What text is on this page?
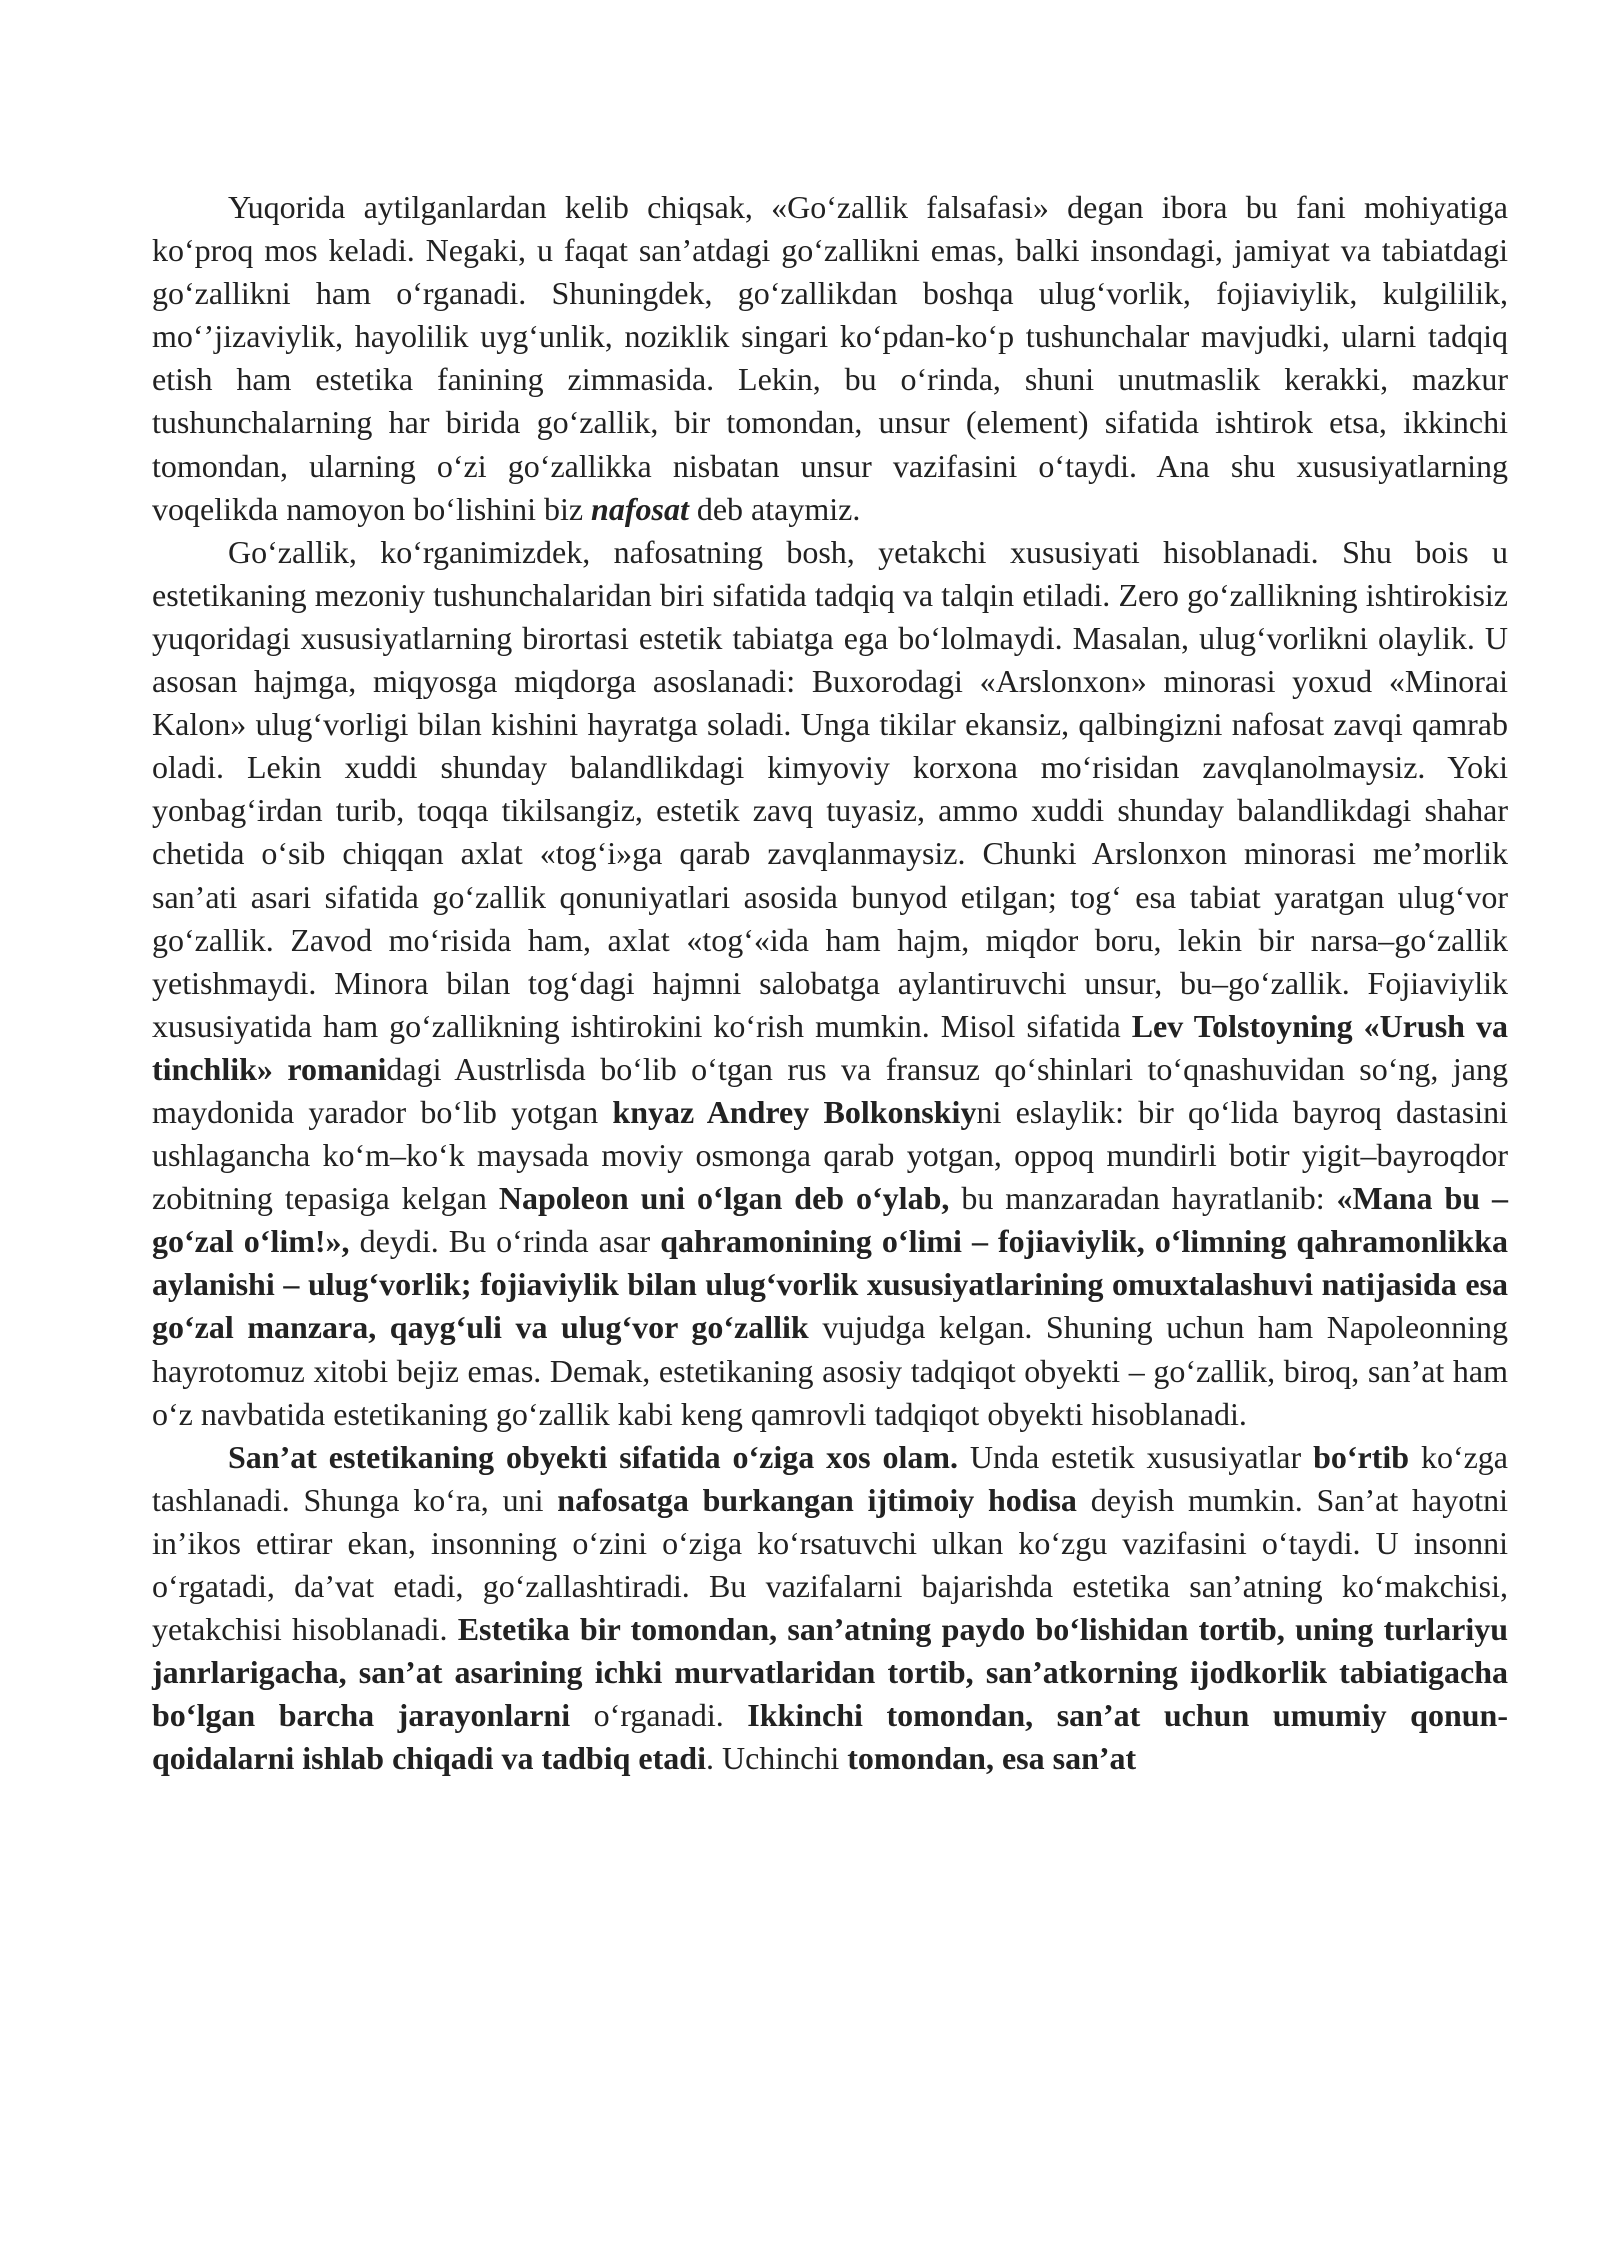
Yuqorida aytilganlardan kelib chiqsak, «Go‘zallik falsafasi» degan ibora bu fani mohiyatiga ko‘proq mos keladi. Negaki, u faqat san’atdagi go‘zallikni emas, balki insondagi, jamiyat va tabiatdagi go‘zallikni ham o‘rganadi. Shuningdek, go‘zallikdan boshqa ulug‘vorlik, fojiaviylik, kulgililik, mo‘’jizaviylik, hayolilik uyg‘unlik, noziklik singari ko‘pdan-ko‘p tushunchalar mavjudki, ularni tadqiq etish ham estetika fanining zimmasida. Lekin, bu o‘rinda, shuni unutmaslik kerakki, mazkur tushunchalarning har birida go‘zallik, bir tomondan, unsur (element) sifatida ishtirok etsa, ikkinchi tomondan, ularning o‘zi go‘zallikka nisbatan unsur vazifasini o‘taydi. Ana shu xususiyatlarning voqelikda namoyon bo‘lishini biz nafosat deb ataymiz.

Go‘zallik, ko‘rganimizdek, nafosatning bosh, yetakchi xususiyati hisoblanadi. Shu bois u estetikaning mezoniy tushunchalaridan biri sifatida tadqiq va talqin etiladi. Zero go‘zallikning ishtirokisiz yuqoridagi xususiyatlarning birortasi estetik tabiatga ega bo‘lolmaydi. Masalan, ulug‘vorlikni olaylik. U asosan hajmga, miqyosga miqdorga asoslanadi: Buxorodagi «Arslonxon» minorasi yoxud «Minorai Kalon» ulug‘vorligi bilan kishini hayratga soladi. Unga tikilar ekansiz, qalbingizni nafosat zavqi qamrab oladi. Lekin xuddi shunday balandlikdagi kimyoviy korxona mo‘risidan zavqlanolmaysiz. Yoki yonbag‘irdan turib, toqqa tikilsangiz, estetik zavq tuyasiz, ammo xuddi shunday balandlikdagi shahar chetida o‘sib chiqqan axlat «tog‘i»ga qarab zavqlanmaysiz. Chunki Arslonxon minorasi me’morlik san’ati asari sifatida go‘zallik qonuniyatlari asosida bunyod etilgan; tog‘ esa tabiat yaratgan ulug‘vor go‘zallik. Zavod mo‘risida ham, axlat «tog‘«ida ham hajm, miqdor boru, lekin bir narsa–go‘zallik yetishmaydi. Minora bilan tog‘dagi hajmni salobatga aylantiruvchi unsur, bu–go‘zallik. Fojiaviylik xususiyatida ham go‘zallikning ishtirokini ko‘rish mumkin. Misol sifatida Lev Tolstoyning «Urush va tinchlik» romanidagi Austrlisda bo‘lib o‘tgan rus va fransuz qo‘shinlari to‘qnashuvidan so‘ng, jang maydonida yarador bo‘lib yotgan knyaz Andrey Bolkonskiyni eslaylik: bir qo‘lida bayroq dastasini ushlagancha ko‘m–ko‘k maysada moviy osmonga qarab yotgan, oppoq mundirli botir yigit–bayroqdor zobitning tepasiga kelgan Napoleon uni o‘lgan deb o‘ylab, bu manzaradan hayratlanib: «Mana bu – go‘zal o‘lim!», deydi. Bu o‘rinda asar qahramonining o‘limi – fojiaviylik, o‘limning qahramonlikka aylanishi – ulug‘vorlik; fojiaviylik bilan ulug‘vorlik xususiyatlarining omuxtalashuvi natijasida esa go‘zal manzara, qayg‘uli va ulug‘vor go‘zallik vujudga kelgan. Shuning uchun ham Napoleonning hayrotomuz xitobi bejiz emas. Demak, estetikaning asosiy tadqiqot obyekti – go‘zallik, biroq, san’at ham o‘z navbatida estetikaning go‘zallik kabi keng qamrovli tadqiqot obyekti hisoblanadi.

San’at estetikaning obyekti sifatida o‘ziga xos olam. Unda estetik xususiyatlar bo‘rtib ko‘zga tashlanadi. Shunga ko‘ra, uni nafosatga burkangan ijtimoiy hodisa deyish mumkin. San’at hayotni in’ikos ettirar ekan, insonning o‘zini o‘ziga ko‘rsatuvchi ulkan ko‘zgu vazifasini o‘taydi. U insonni o‘rgatadi, da’vat etadi, go‘zallashtiradi. Bu vazifalarni bajarishda estetika san’atning ko‘makchisi, yetakchisi hisoblanadi. Estetika bir tomondan, san’atning paydo bo‘lishidan tortib, uning turlariyu janrlarigacha, san’at asarining ichki murvatlaridan tortib, san’atkorning ijodkorlik tabiatigacha bo‘lgan barcha jarayonlarni o‘rganadi. Ikkinchi tomondan, san’at uchun umumiy qonun-qoidalarni ishlab chiqadi va tadbiq etadi. Uchinchi tomondan, esa san’at
